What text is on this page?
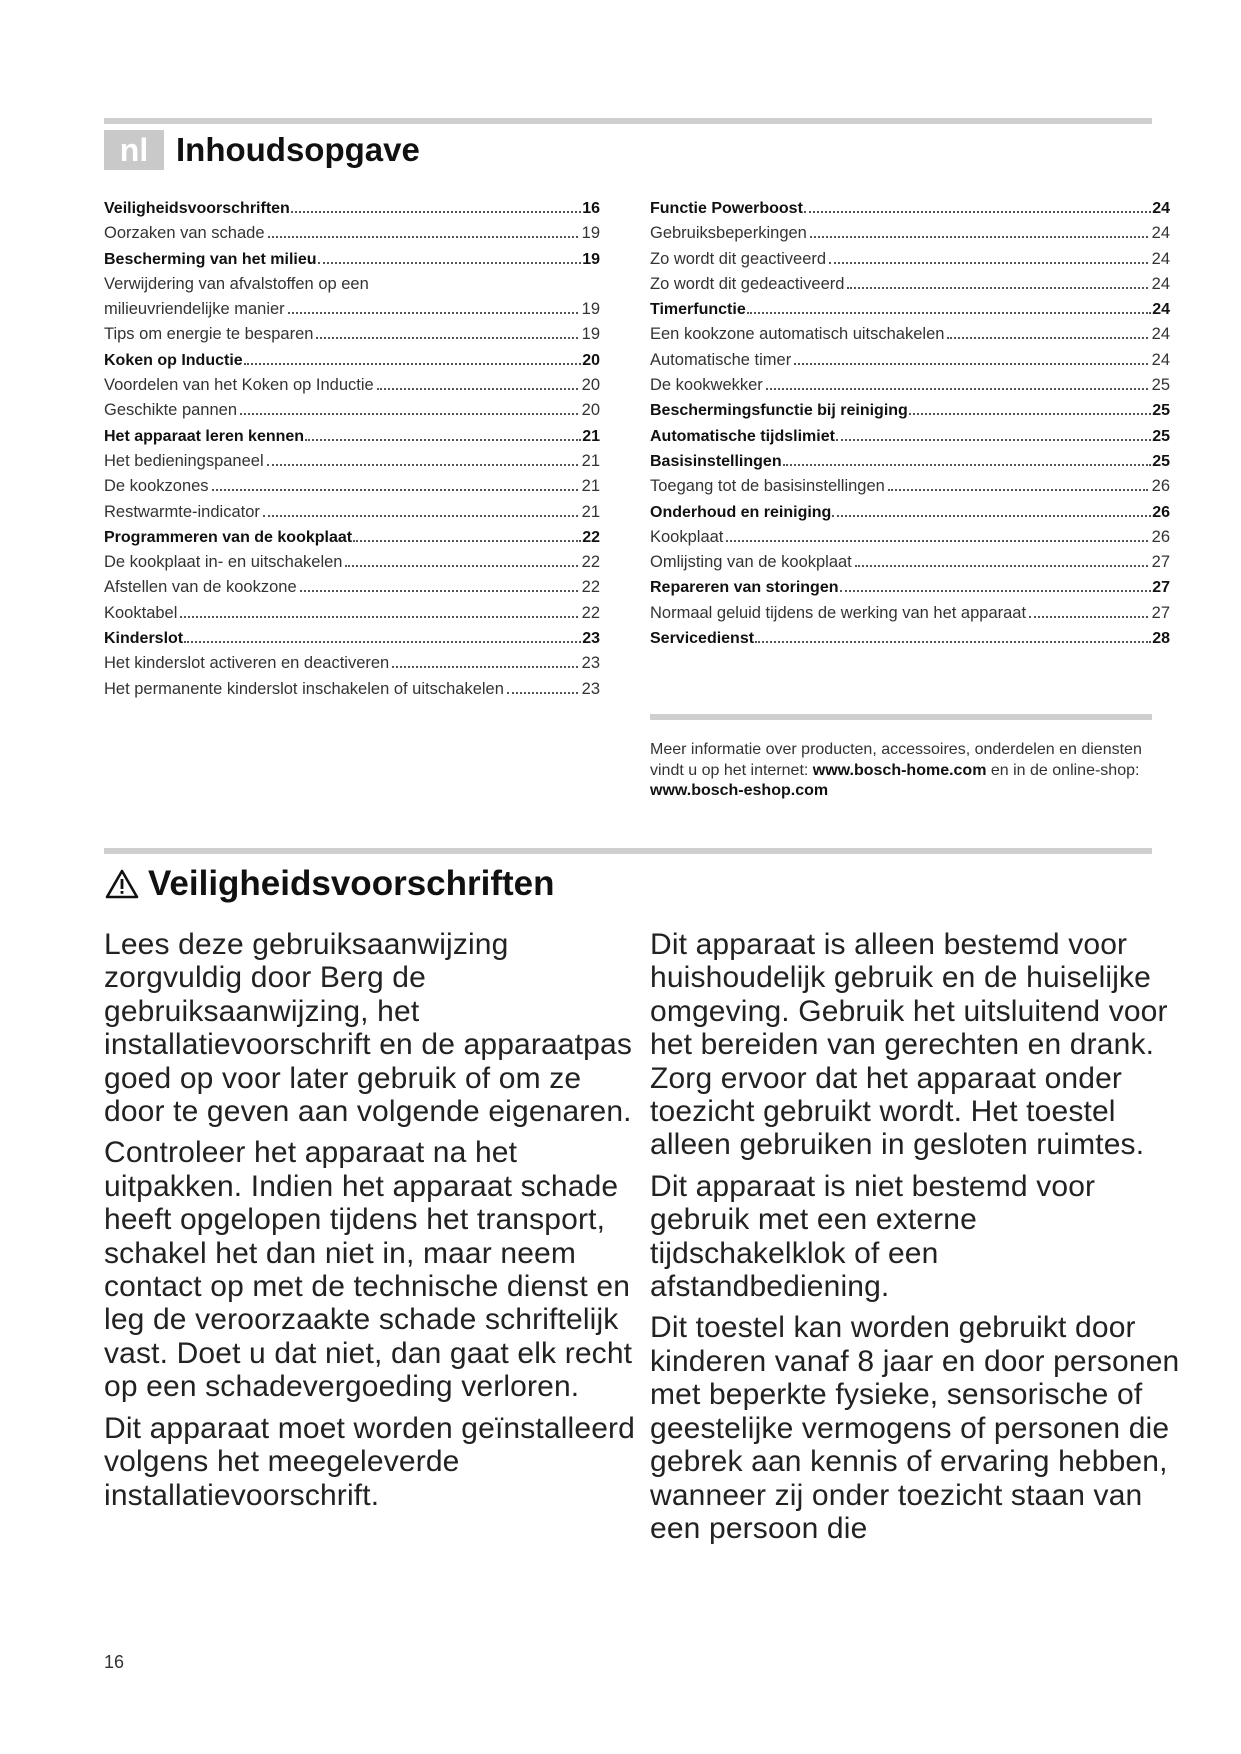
nl Inhoudsopgave
Veiligheidsvoorschriften	16
Oorzaken van schade	19
Bescherming van het milieu	19
Verwijdering van afvalstoffen op een
milieuvriendelijke manier	19
Tips om energie te besparen	19
Koken op Inductie	20
Voordelen van het Koken op Inductie	20
Geschikte pannen	20
Het apparaat leren kennen	21
Het bedieningspaneel	21
De kookzones	21
Restwarmte-indicator	21
Programmeren van de kookplaat	22
De kookplaat in- en uitschakelen	22
Afstellen van de kookzone	22
Kooktabel	22
Kinderslot	23
Het kinderslot activeren en deactiveren	23
Het permanente kinderslot inschakelen of uitschakelen	23
Functie Powerboost	24
Gebruiksbeperkingen	24
Zo wordt dit geactiveerd	24
Zo wordt dit gedeactiveerd	24
Timerfunctie	24
Een kookzone automatisch uitschakelen	24
Automatische timer	24
De kookwekker	25
Beschermingsfunctie bij reiniging	25
Automatische tijdslimiet	25
Basisinstellingen	25
Toegang tot de basisinstellingen	26
Onderhoud en reiniging	26
Kookplaat	26
Omlijsting van de kookplaat	27
Repareren van storingen	27
Normaal geluid tijdens de werking van het apparaat	27
Servicedienst	28
Meer informatie over producten, accessoires, onderdelen en diensten vindt u op het internet: www.bosch-home.com en in de online-shop: www.bosch-eshop.com
Veiligheidsvoorschriften

Lees deze gebruiksaanwijzing zorgvuldig door Berg de gebruiksaanwijzing, het installatievoorschrift en de apparaatpas goed op voor later gebruik of om ze door te geven aan volgende eigenaren.

Controleer het apparaat na het uitpakken. Indien het apparaat schade heeft opgelopen tijdens het transport, schakel het dan niet in, maar neem contact op met de technische dienst en leg de veroorzaakte schade schriftelijk vast. Doet u dat niet, dan gaat elk recht op een schadevergoeding verloren.

Dit apparaat moet worden geïnstalleerd volgens het meegeleverde installatievoorschrift.

Dit apparaat is alleen bestemd voor huishoudelijk gebruik en de huiselijke omgeving. Gebruik het uitsluitend voor het bereiden van gerechten en drank. Zorg ervoor dat het apparaat onder toezicht gebruikt wordt. Het toestel alleen gebruiken in gesloten ruimtes.

Dit apparaat is niet bestemd voor gebruik met een externe tijdschakelklok of een afstandbediening.

Dit toestel kan worden gebruikt door kinderen vanaf 8 jaar en door personen met beperkte fysieke, sensorische of geestelijke vermogens of personen die gebrek aan kennis of ervaring hebben, wanneer zij onder toezicht staan van een persoon die

16
